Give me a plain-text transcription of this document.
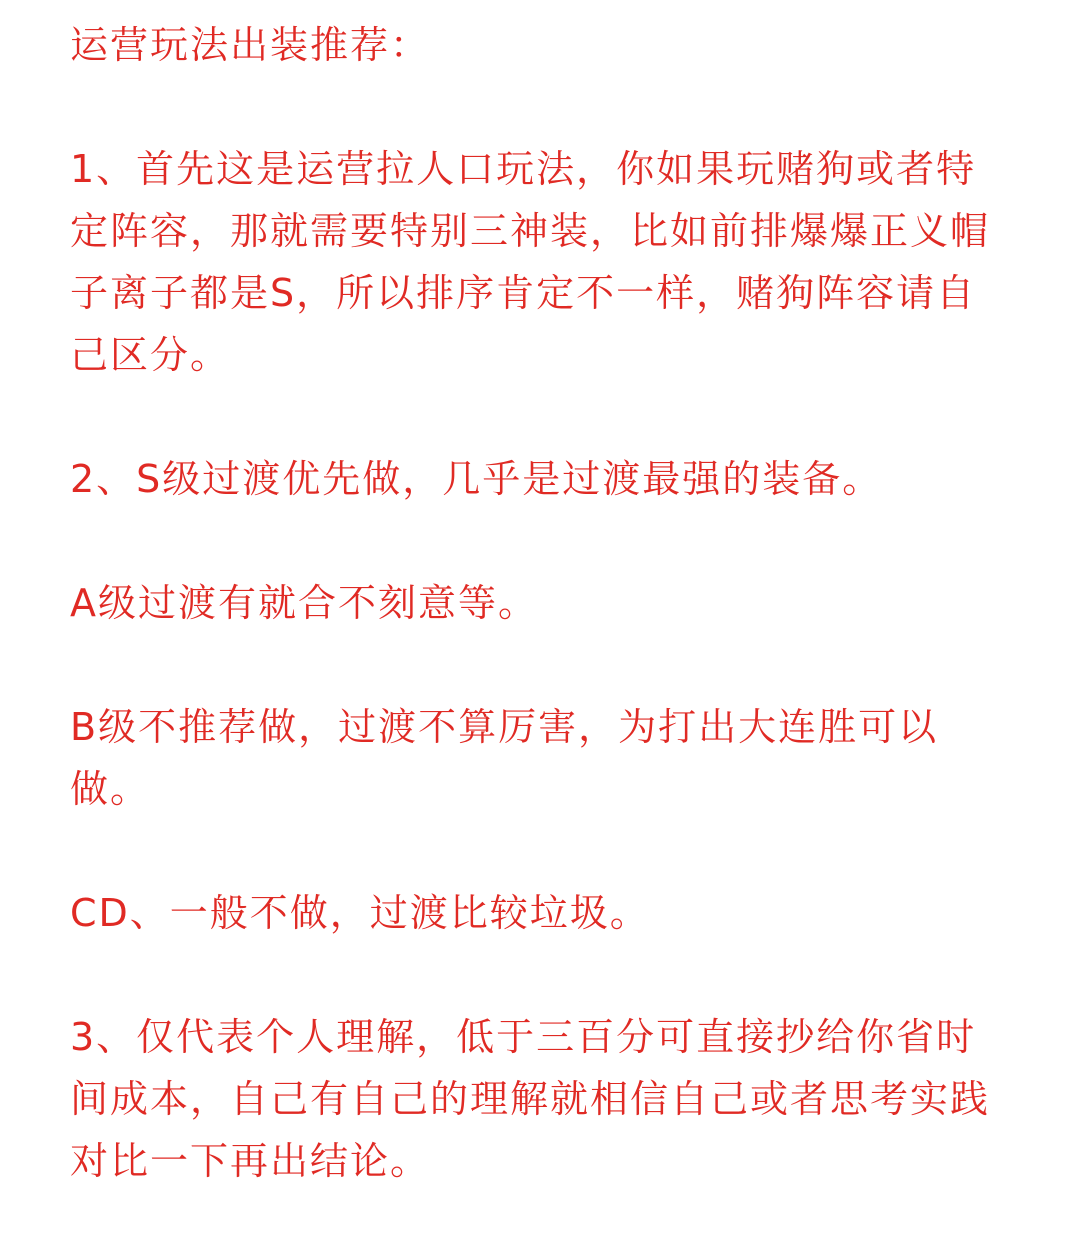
运营玩法出装推荐：

1、首先这是运营拉人口玩法，你如果玩赌狗或者特定阵容，那就需要特别三神装，比如前排爆爆正义帽子离子都是S，所以排序肯定不一样，赌狗阵容请自己区分。

2、S级过渡优先做，几乎是过渡最强的装备。

A级过渡有就合不刻意等。

B级不推荐做，过渡不算厉害，为打出大连胜可以做。

CD、一般不做，过渡比较垃圾。

3、仅代表个人理解，低于三百分可直接抄给你省时间成本，自己有自己的理解就相信自己或者思考实践对比一下再出结论。
